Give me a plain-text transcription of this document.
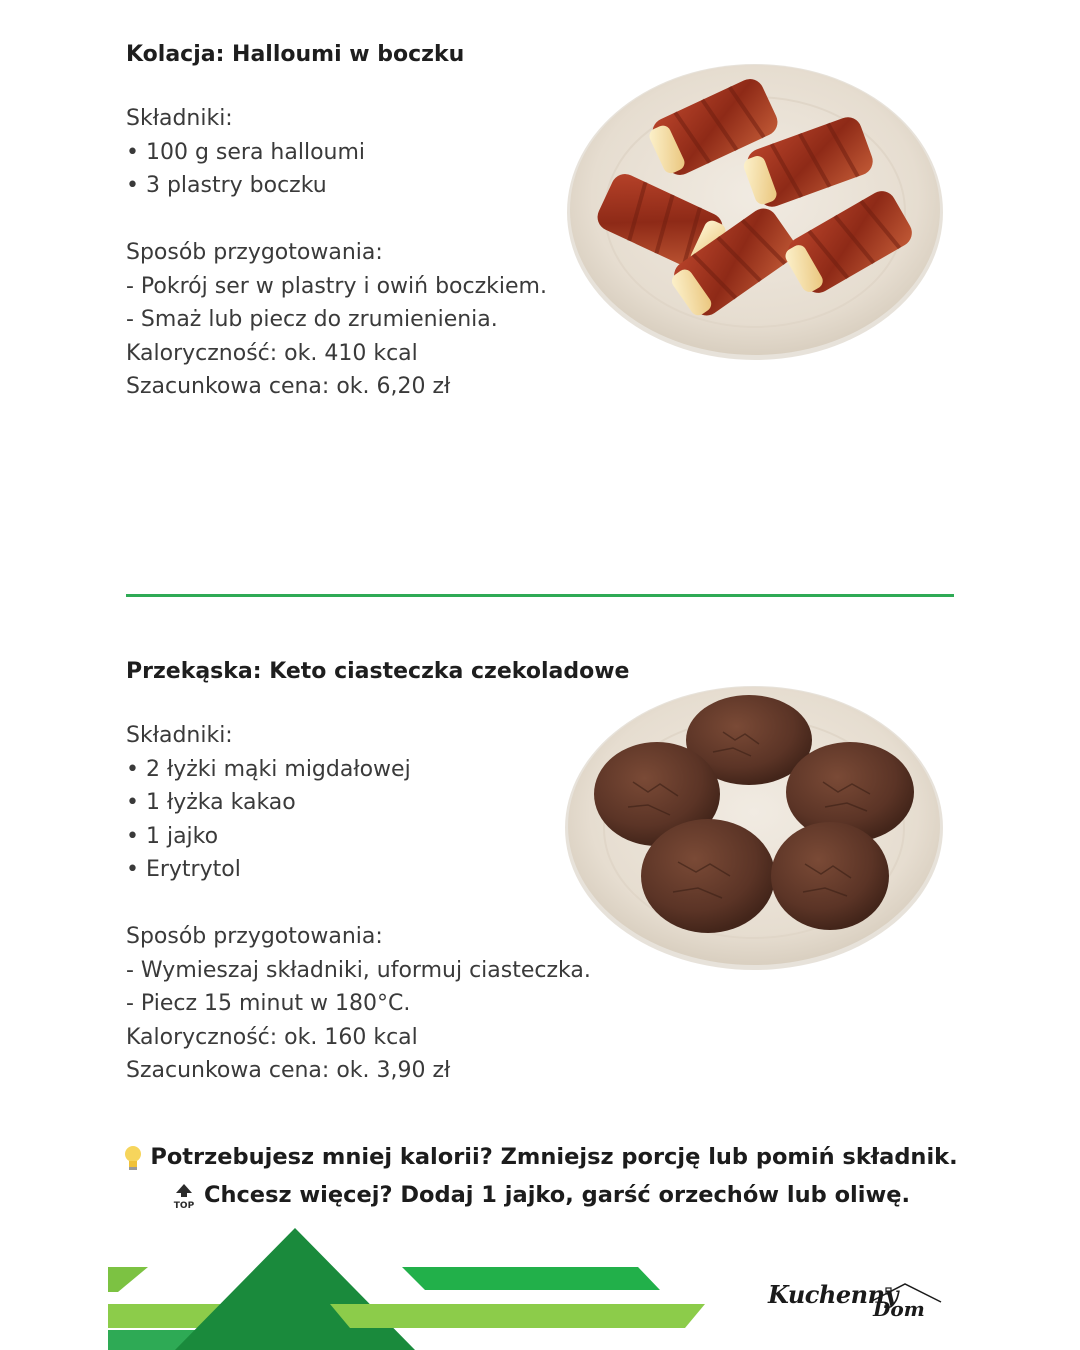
Kolacja: Halloumi w boczku
Składniki:
• 100 g sera halloumi
• 3 plastry boczku
Sposób przygotowania:
- Pokrój ser w plastry i owiń boczkiem.
- Smaż lub piecz do zrumienienia.
Kaloryczność: ok. 410 kcal
Szacunkowa cena: ok. 6,20 zł
Przekąska: Keto ciasteczka czekoladowe
Składniki:
• 2 łyżki mąki migdałowej
• 1 łyżka kakao
• 1 jajko
• Erytrytol
Sposób przygotowania:
- Wymieszaj składniki, uformuj ciasteczka.
- Piecz 15 minut w 180°C.
Kaloryczność: ok. 160 kcal
Szacunkowa cena: ok. 3,90 zł
Potrzebujesz mniej kalorii? Zmniejsz porcję lub pomiń składnik.
TOP Chcesz więcej? Dodaj 1 jajko, garść orzechów lub oliwę.
Kuchenny
Dom
